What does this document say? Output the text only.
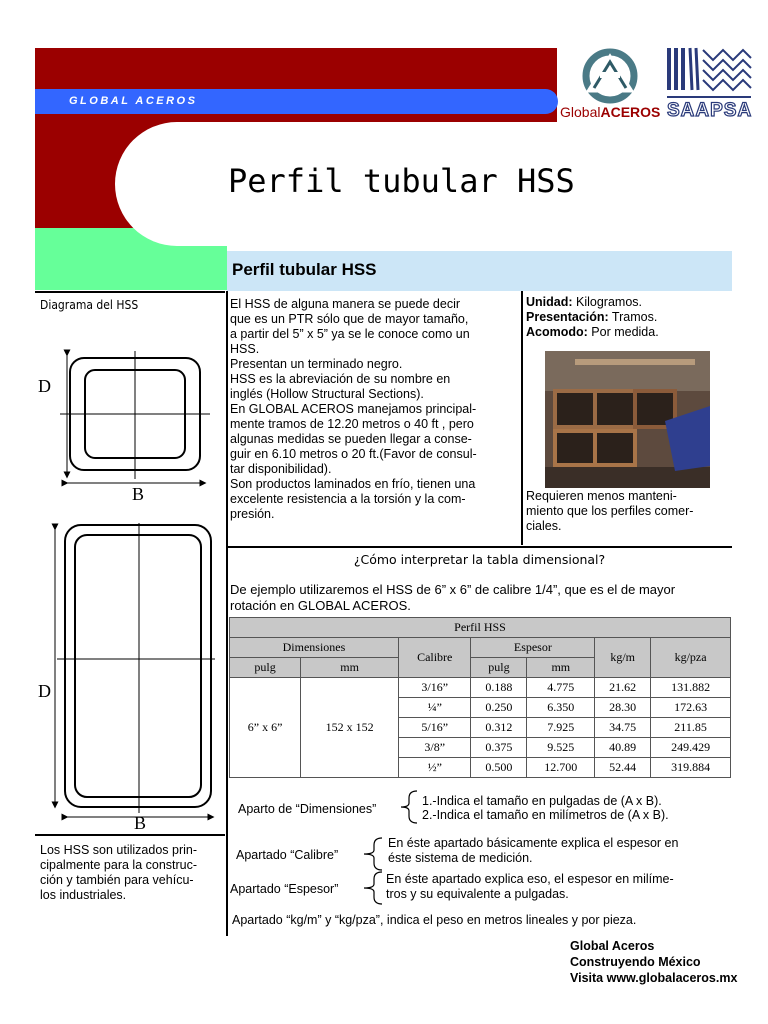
GLOBAL ACEROS
Perfil tubular HSS
GlobalACEROS SAAPSA
Perfil tubular HSS
Diagrama del HSS
D
B
D
B
Los HSS son utilizados prin-
cipalmente para la construc-
ción y también para vehícu-
los industriales.
El HSS de alguna manera se puede decir
que es un PTR sólo que de mayor tamaño,
a partir del 5” x 5” ya se le conoce como un
HSS.
Presentan un terminado negro.
HSS es la abreviación de su nombre en
inglés (Hollow Structural Sections).
En GLOBAL ACEROS manejamos principal-
mente tramos de 12.20 metros o 40 ft , pero
algunas medidas se pueden llegar a conse-
guir en 6.10 metros o 20 ft.(Favor de consul-
tar disponibilidad).
Son productos laminados en frío, tienen una
excelente resistencia a la torsión y la com-
presión.
Unidad: Kilogramos.
Presentación: Tramos.
Acomodo: Por medida.
Requieren menos manteni-
miento que los perfiles comer-
ciales.
¿Cómo interpretar la tabla dimensional?
De ejemplo utilizaremos el HSS de 6” x 6” de calibre 1/4”, que es el de mayor
rotación en GLOBAL ACEROS.
Perfil HSS						
Dimensiones		Calibre	Espesor		kg/m	kg/pza
pulg	mm		pulg	mm		
6” x 6”	152 x 152	3/16”	0.188	4.775	21.62	131.882
		¼”	0.250	6.350	28.30	172.63
		5/16”	0.312	7.925	34.75	211.85
		3/8”	0.375	9.525	40.89	249.429
		½”	0.500	12.700	52.44	319.884
Aparto de “Dimensiones”
1.-Indica el tamaño en pulgadas de (A x B).
2.-Indica el tamaño en milímetros de (A x B).
Apartado “Calibre”
En éste apartado básicamente explica el espesor en
éste sistema de medición.
Apartado “Espesor”
En éste apartado explica eso, el espesor en milíme-
tros y su equivalente a pulgadas.
Apartado “kg/m” y “kg/pza”, indica el peso en metros lineales y por pieza.
Global Aceros
Construyendo México
Visita www.globalaceros.mx
